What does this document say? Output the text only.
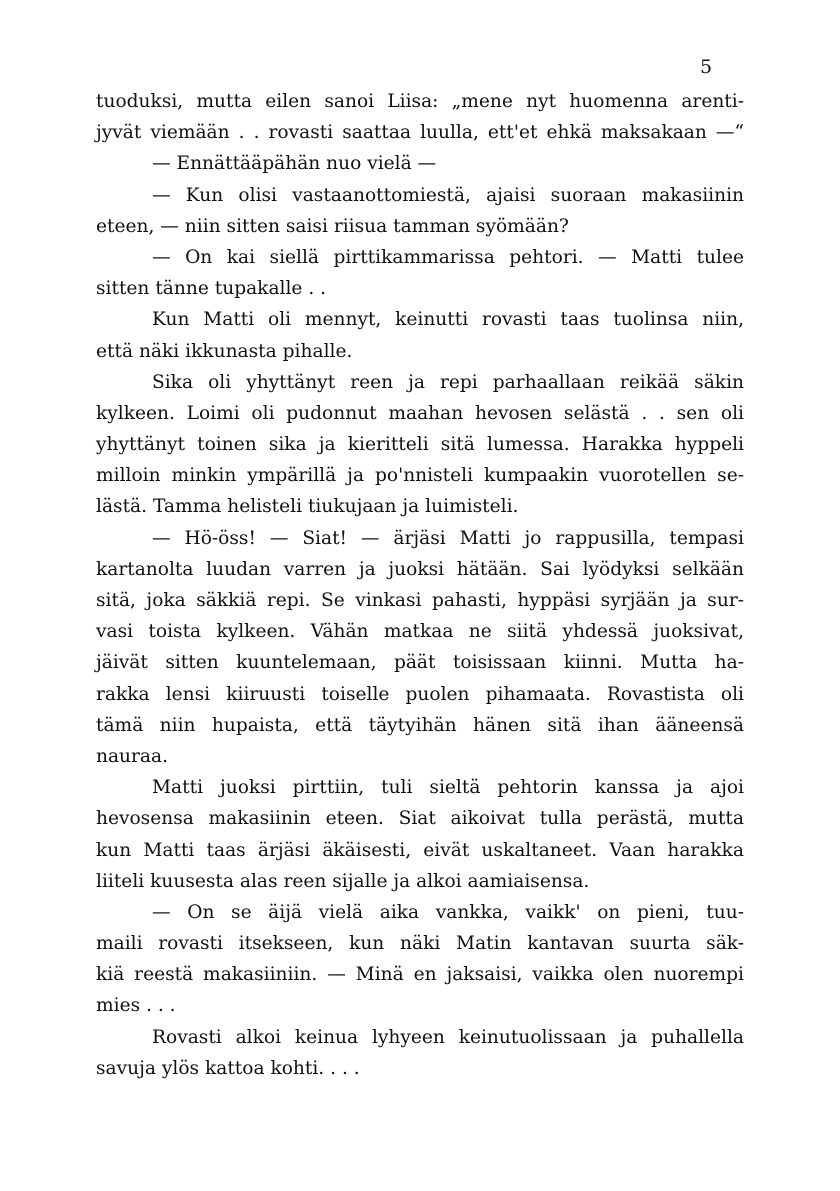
5
tuoduksi, mutta eilen sanoi Liisa: „mene nyt huomenna arenti-
jyvät viemään . . rovasti saattaa luulla, ett'et ehkä maksakaan —“
— Ennättääpähän nuo vielä —
— Kun olisi vastaanottomiestä, ajaisi suoraan makasiinin
eteen, — niin sitten saisi riisua tamman syömään?
— On kai siellä pirttikammarissa pehtori. — Matti tulee
sitten tänne tupakalle . .
Kun Matti oli mennyt, keinutti rovasti taas tuolinsa niin,
että näki ikkunasta pihalle.
Sika oli yhyttänyt reen ja repi parhaallaan reikää säkin
kylkeen. Loimi oli pudonnut maahan hevosen selästä . . sen oli
yhyttänyt toinen sika ja kieritteli sitä lumessa. Harakka hyppeli
milloin minkin ympärillä ja po'nnisteli kumpaakin vuorotellen se-
lästä. Tamma helisteli tiukujaan ja luimisteli.
— Hö-öss! — Siat! — ärjäsi Matti jo rappusilla, tempasi
kartanolta luudan varren ja juoksi hätään. Sai lyödyksi selkään
sitä, joka säkkiä repi. Se vinkasi pahasti, hyppäsi syrjään ja sur-
vasi toista kylkeen. Vähän matkaa ne siitä yhdessä juoksivat,
jäivät sitten kuuntelemaan, päät toisissaan kiinni. Mutta ha-
rakka lensi kiiruusti toiselle puolen pihamaata. Rovastista oli
tämä niin hupaista, että täytyihän hänen sitä ihan ääneensä
nauraa.
Matti juoksi pirttiin, tuli sieltä pehtorin kanssa ja ajoi
hevosensa makasiinin eteen. Siat aikoivat tulla perästä, mutta
kun Matti taas ärjäsi äkäisesti, eivät uskaltaneet. Vaan harakka
liiteli kuusesta alas reen sijalle ja alkoi aamiaisensa.
— On se äijä vielä aika vankka, vaikk' on pieni, tuu-
maili rovasti itsekseen, kun näki Matin kantavan suurta säk-
kiä reestä makasiiniin. — Minä en jaksaisi, vaikka olen nuorempi
mies . . .
Rovasti alkoi keinua lyhyeen keinutuolissaan ja puhallella
savuja ylös kattoa kohti. . . .
